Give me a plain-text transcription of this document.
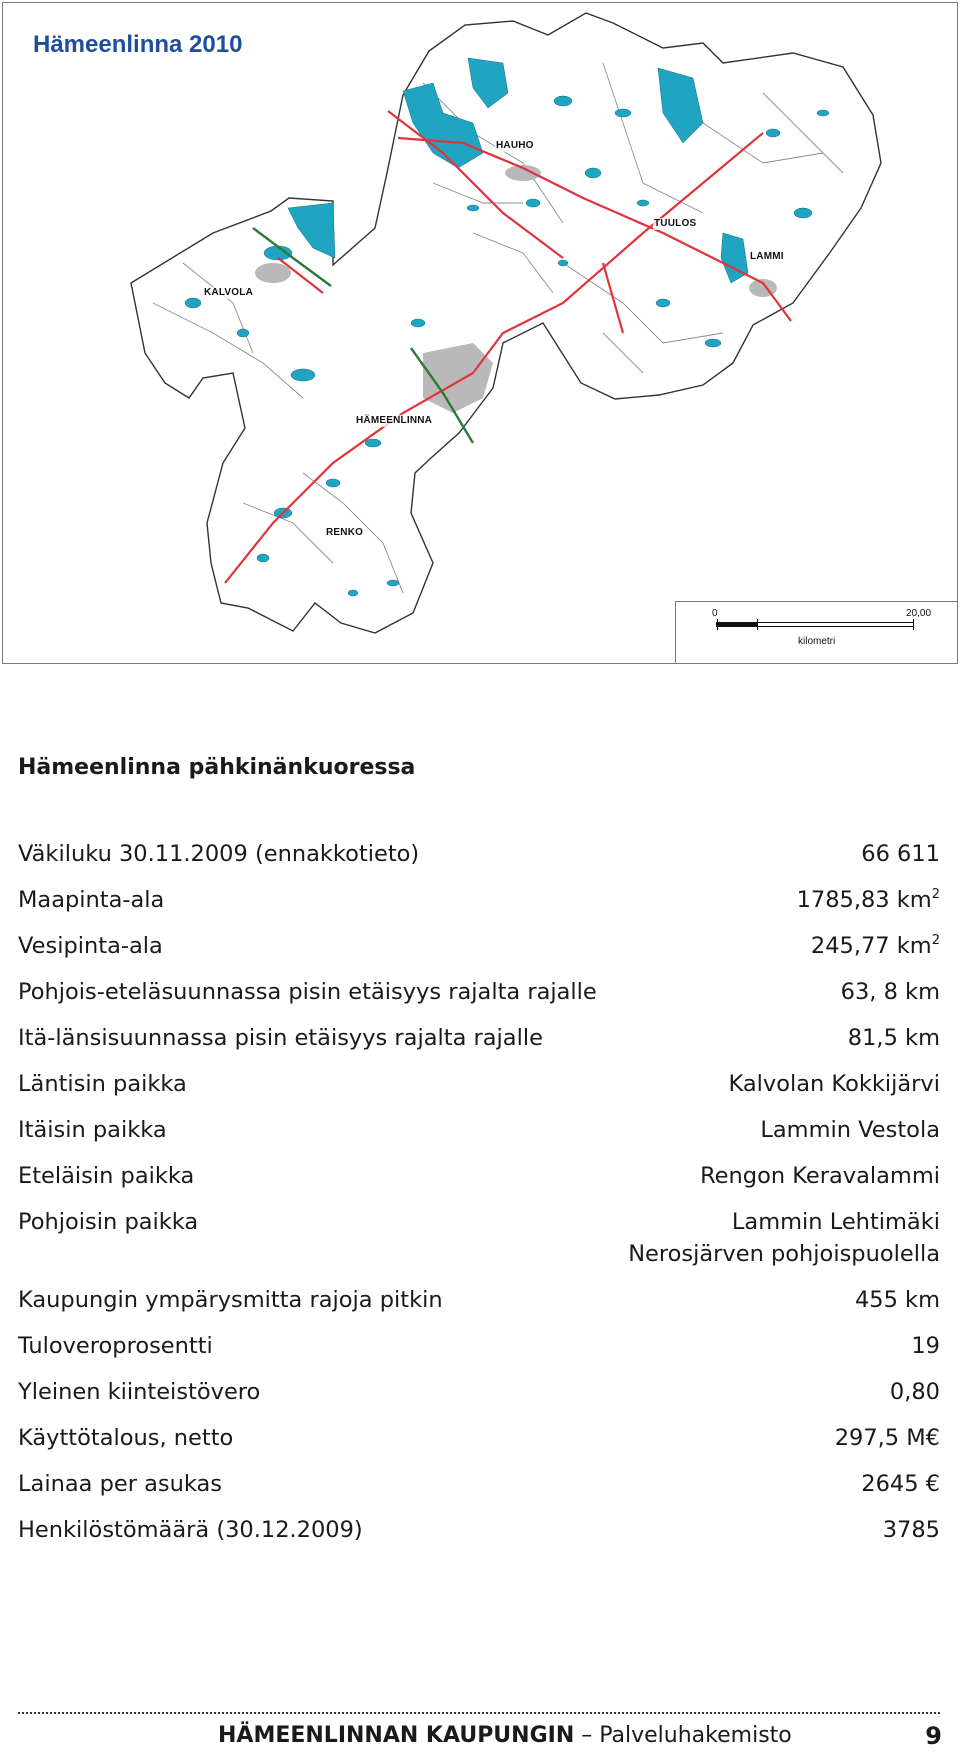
Hämeenlinna 2010
HAUHO
TUULOS
LAMMI
KALVOLA
HÄMEENLINNA
RENKO
0	20,00
kilometri
Hämeenlinna pähkinänkuoressa
Väkiluku 30.11.2009 (ennakkotieto)	66 611
Maapinta-ala	1785,83 $km^2$
Vesipinta-ala	245,77 $km^2$
Pohjois-eteläsuunnassa pisin etäisyys rajalta rajalle	63, 8 km
Itä-länsisuunnassa pisin etäisyys rajalta rajalle	81,5 km
Läntisin paikka	Kalvolan Kokkijärvi
Itäisin paikka	Lammin Vestola
Eteläisin paikka	Rengon Keravalammi
Pohjoisin paikka	Lammin Lehtimäki
Nerosjärven pohjoispuolella
Kaupungin ympärysmitta rajoja pitkin	455 km
Tuloveroprosentti	19
Yleinen kiinteistövero	0,80
Käyttötalous, netto	297,5 M€
Lainaa per asukas	2645 €
Henkilöstömäärä (30.12.2009)	3785
HÄMEENLINNAN KAUPUNGIN – Palveluhakemisto	9
